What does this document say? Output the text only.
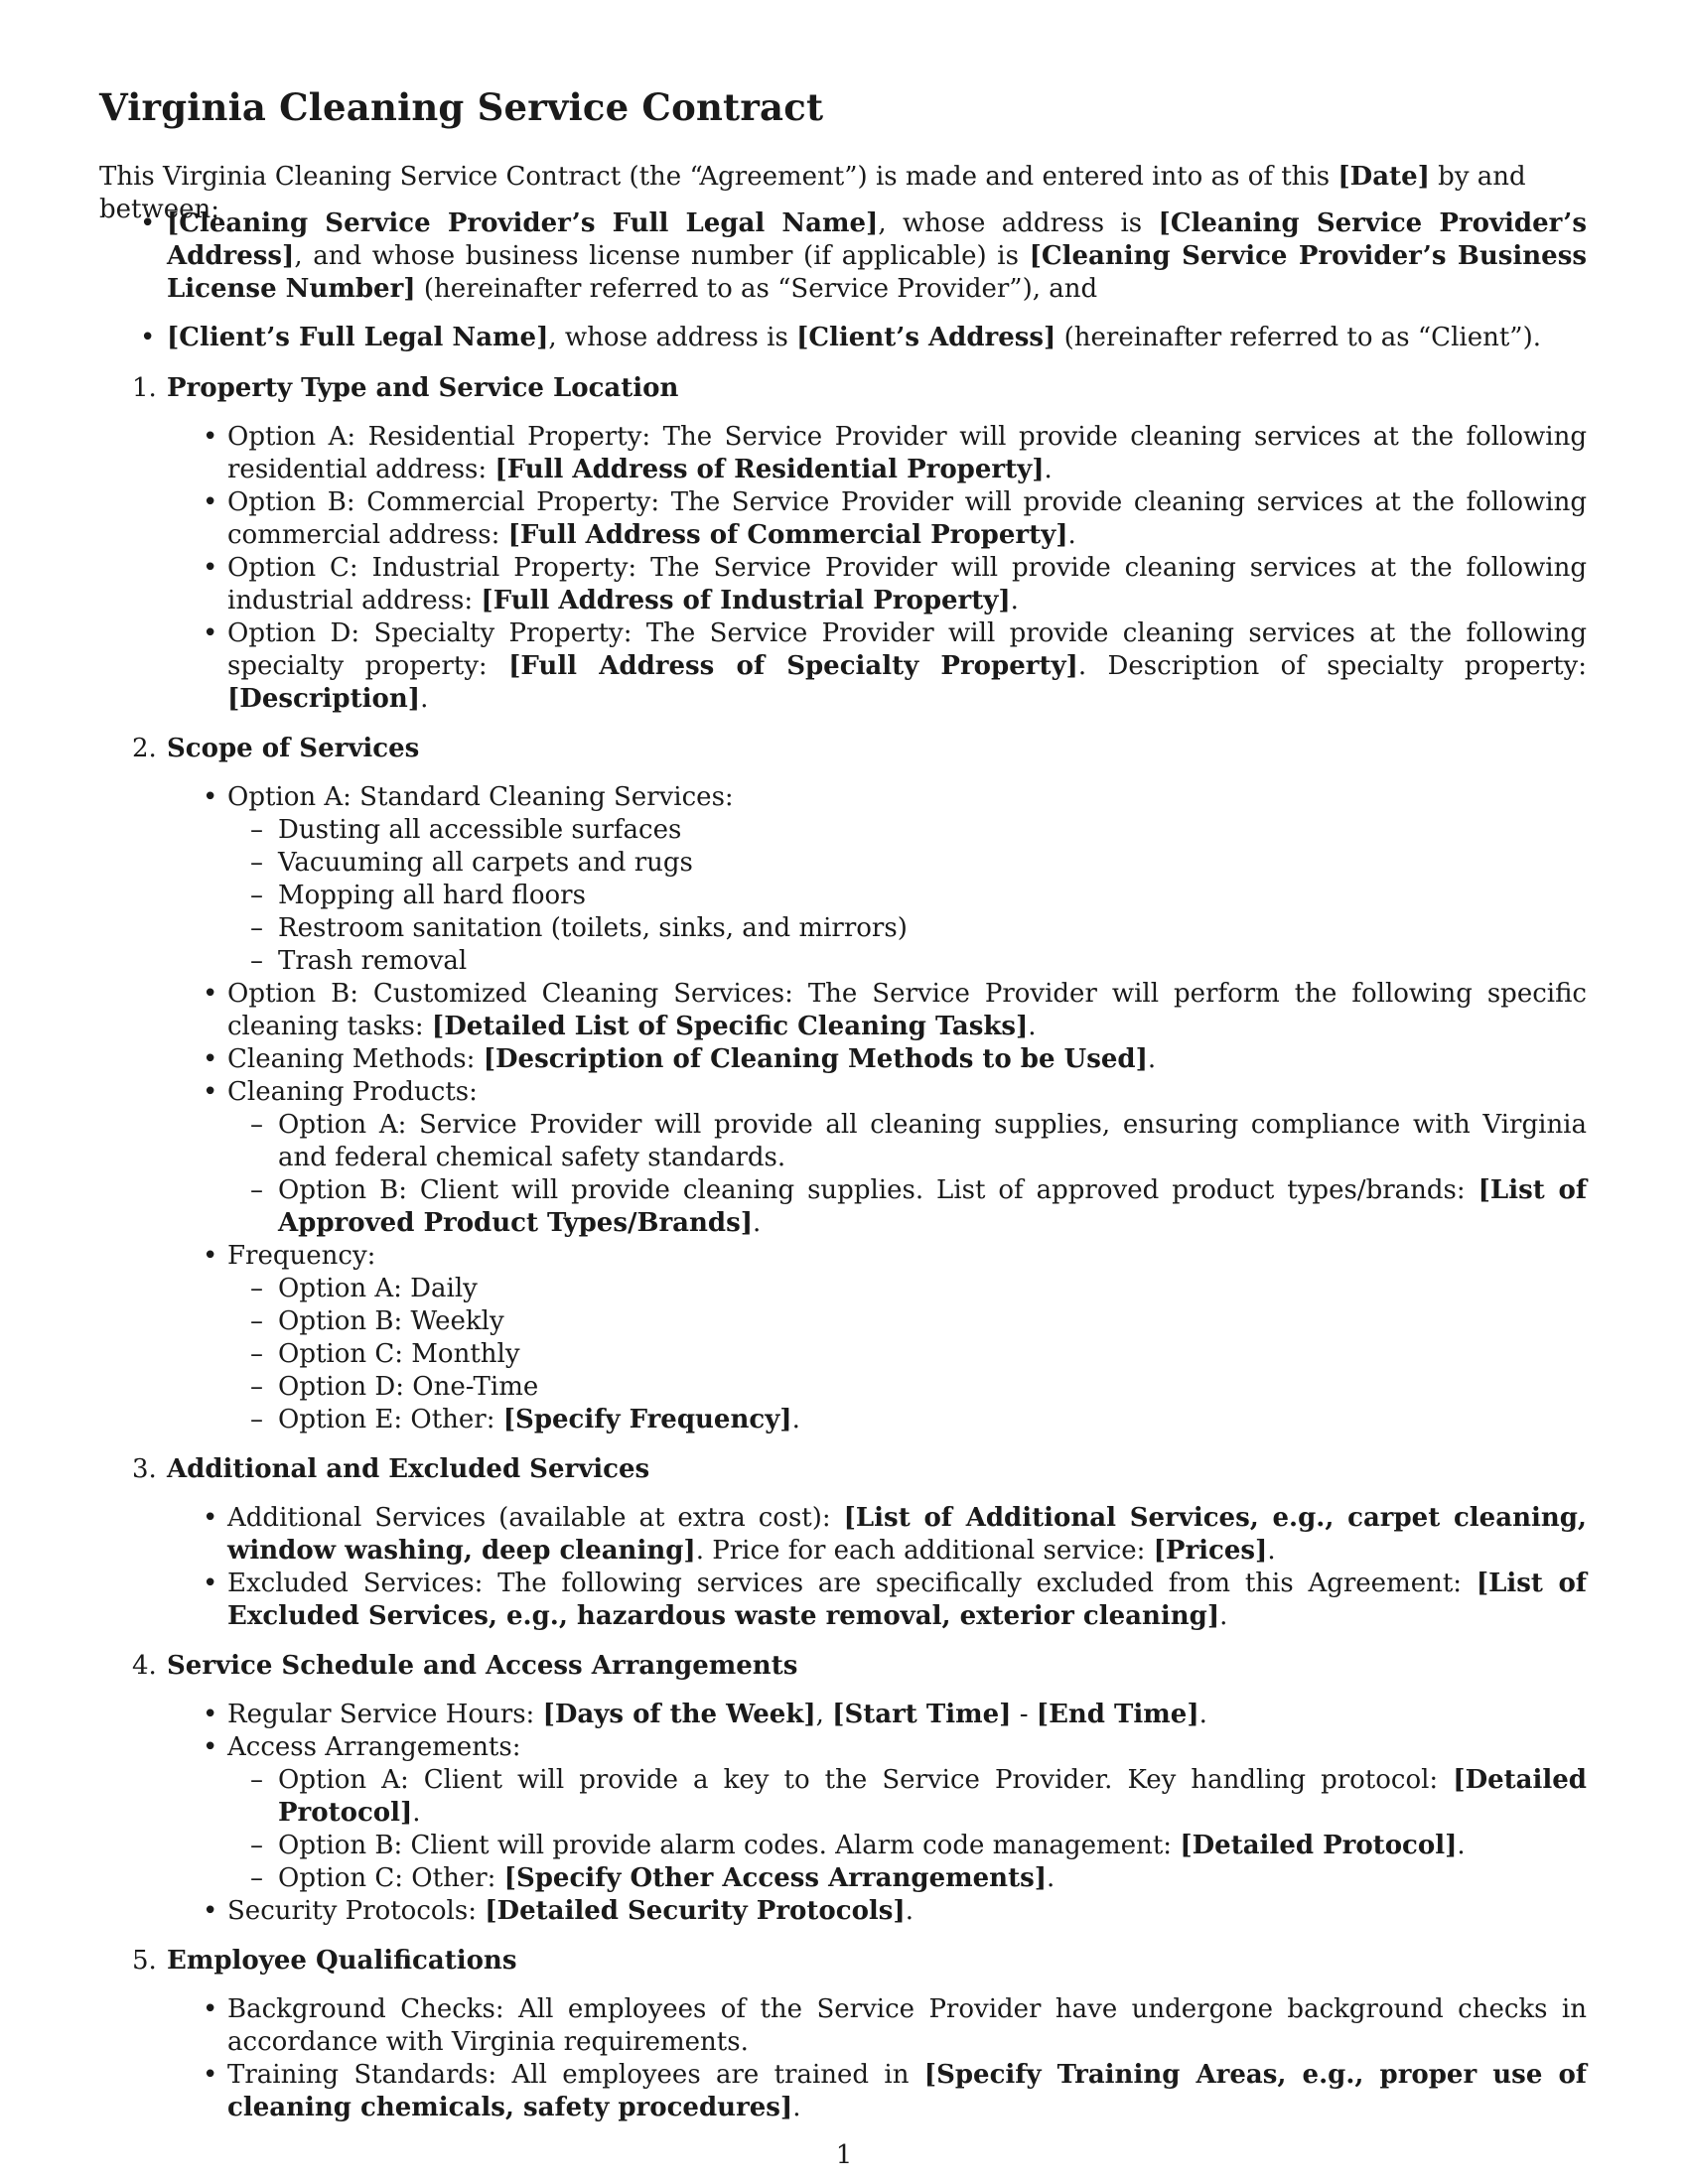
Virginia Cleaning Service Contract

This Virginia Cleaning Service Contract (the “Agreement”) is made and entered into as of this [Date] by and between:

• [Cleaning Service Provider’s Full Legal Name], whose address is [Cleaning Service Provider’s Address], and whose business license number (if applicable) is [Cleaning Service Provider’s Business License Number] (hereinafter referred to as “Service Provider”), and
• [Client’s Full Legal Name], whose address is [Client’s Address] (hereinafter referred to as “Client”).
1. Property Type and Service Location
• Option A: Residential Property: The Service Provider will provide cleaning services at the following residential address: [Full Address of Residential Property].
• Option B: Commercial Property: The Service Provider will provide cleaning services at the following commercial address: [Full Address of Commercial Property].
• Option C: Industrial Property: The Service Provider will provide cleaning services at the following industrial address: [Full Address of Industrial Property].
• Option D: Specialty Property: The Service Provider will provide cleaning services at the following specialty property: [Full Address of Specialty Property]. Description of specialty property: [Description].
2. Scope of Services
• Option A: Standard Cleaning Services:
– Dusting all accessible surfaces
– Vacuuming all carpets and rugs
– Mopping all hard floors
– Restroom sanitation (toilets, sinks, and mirrors)
– Trash removal
• Option B: Customized Cleaning Services: The Service Provider will perform the following specific cleaning tasks: [Detailed List of Specific Cleaning Tasks].
• Cleaning Methods: [Description of Cleaning Methods to be Used].
• Cleaning Products:
– Option A: Service Provider will provide all cleaning supplies, ensuring compliance with Virginia and federal chemical safety standards.
– Option B: Client will provide cleaning supplies. List of approved product types/brands: [List of Approved Product Types/Brands].
• Frequency:
– Option A: Daily
– Option B: Weekly
– Option C: Monthly
– Option D: One-Time
– Option E: Other: [Specify Frequency].
3. Additional and Excluded Services
• Additional Services (available at extra cost): [List of Additional Services, e.g., carpet cleaning, window washing, deep cleaning]. Price for each additional service: [Prices].
• Excluded Services: The following services are specifically excluded from this Agreement: [List of Excluded Services, e.g., hazardous waste removal, exterior cleaning].
4. Service Schedule and Access Arrangements
• Regular Service Hours: [Days of the Week], [Start Time] - [End Time].
• Access Arrangements:
– Option A: Client will provide a key to the Service Provider. Key handling protocol: [Detailed Protocol].
– Option B: Client will provide alarm codes. Alarm code management: [Detailed Protocol].
– Option C: Other: [Specify Other Access Arrangements].
• Security Protocols: [Detailed Security Protocols].
5. Employee Qualifications
• Background Checks: All employees of the Service Provider have undergone background checks in accordance with Virginia requirements.
• Training Standards: All employees are trained in [Specify Training Areas, e.g., proper use of cleaning chemicals, safety procedures].
1
